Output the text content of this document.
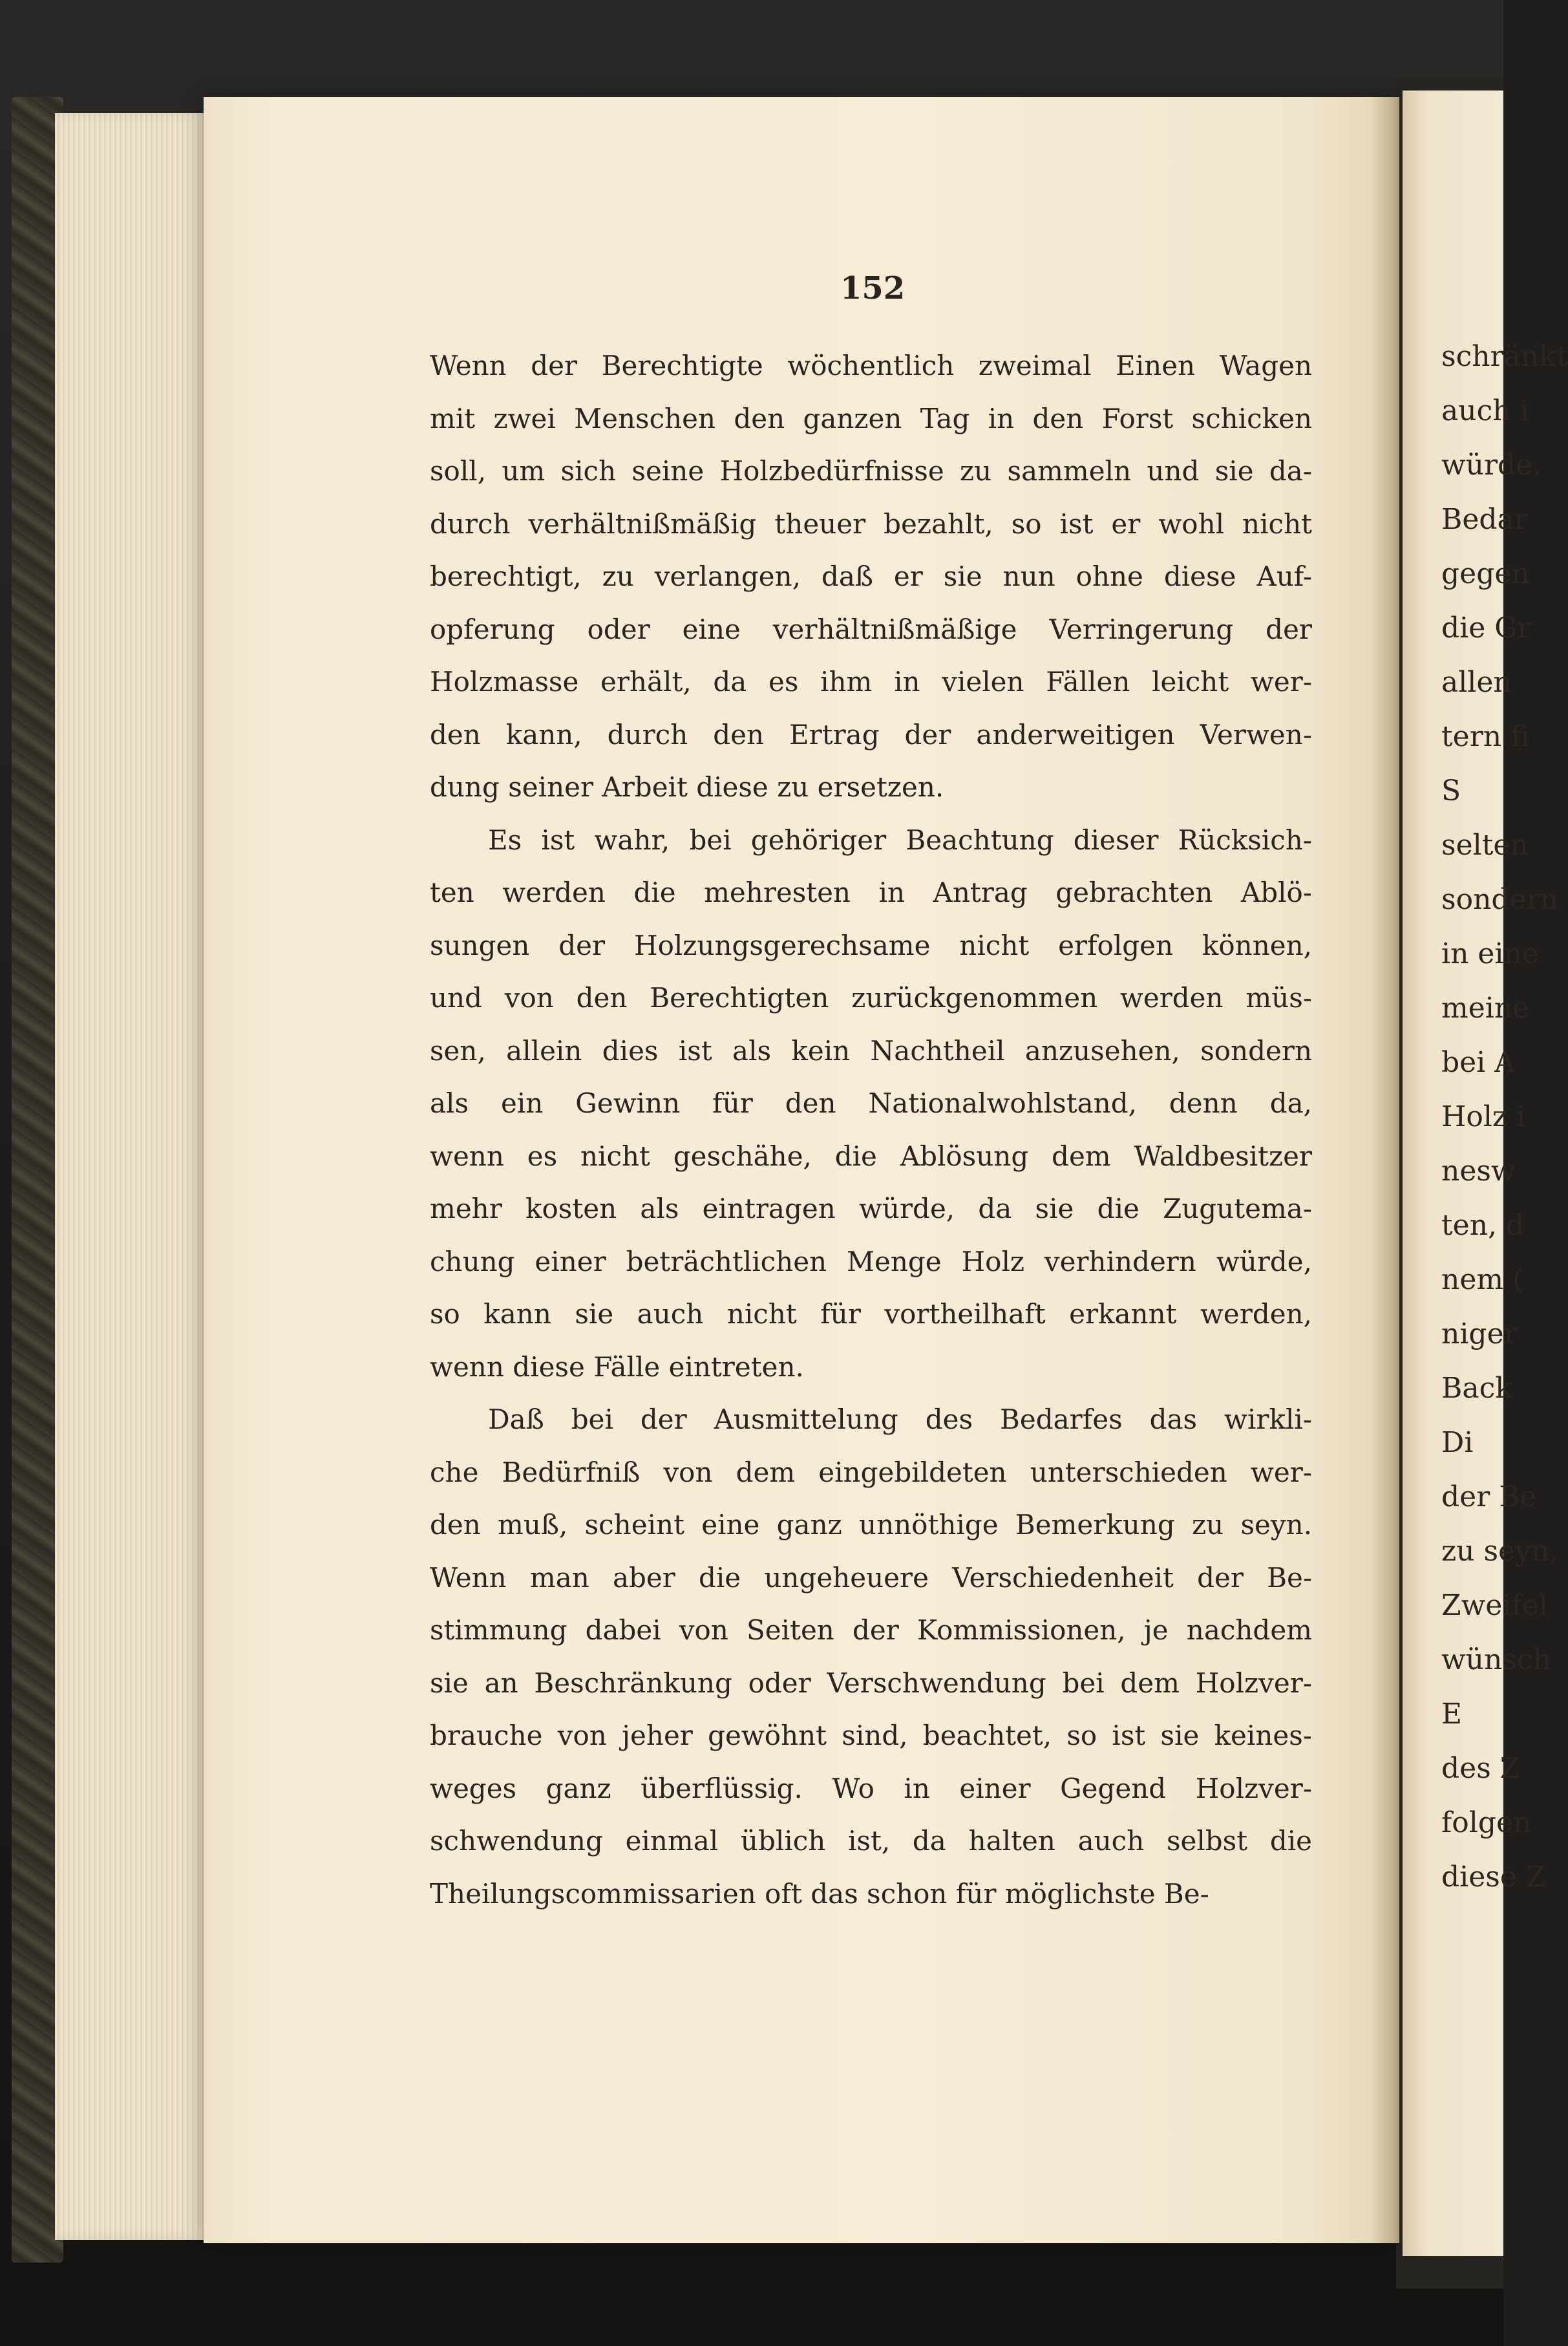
schränkt
auch i
würde.
Bedar
gegen
die Gr
allen
tern fi
S
selten
sondern
in eine
meine
bei A
Holz i
nesw
ten, d
nem (
niger
Back
Di
der Be
zu seyn,
Zweifel
wünsch
E
des Z
folgen
diese Z
152
Wenn der Berechtigte wöchentlich zweimal Einen Wagen
mit zwei Menschen den ganzen Tag in den Forst schicken
soll, um sich seine Holzbedürfnisse zu sammeln und sie da-
durch verhältnißmäßig theuer bezahlt, so ist er wohl nicht
berechtigt, zu verlangen, daß er sie nun ohne diese Auf-
opferung oder eine verhältnißmäßige Verringerung der
Holzmasse erhält, da es ihm in vielen Fällen leicht wer-
den kann, durch den Ertrag der anderweitigen Verwen-
dung seiner Arbeit diese zu ersetzen.
Es ist wahr, bei gehöriger Beachtung dieser Rücksich-
ten werden die mehresten in Antrag gebrachten Ablö-
sungen der Holzungsgerechsame nicht erfolgen können,
und von den Berechtigten zurückgenommen werden müs-
sen, allein dies ist als kein Nachtheil anzusehen, sondern
als ein Gewinn für den Nationalwohlstand, denn da,
wenn es nicht geschähe, die Ablösung dem Waldbesitzer
mehr kosten als eintragen würde, da sie die Zugutema-
chung einer beträchtlichen Menge Holz verhindern würde,
so kann sie auch nicht für vortheilhaft erkannt werden,
wenn diese Fälle eintreten.
Daß bei der Ausmittelung des Bedarfes das wirkli-
che Bedürfniß von dem eingebildeten unterschieden wer-
den muß, scheint eine ganz unnöthige Bemerkung zu seyn.
Wenn man aber die ungeheuere Verschiedenheit der Be-
stimmung dabei von Seiten der Kommissionen, je nachdem
sie an Beschränkung oder Verschwendung bei dem Holzver-
brauche von jeher gewöhnt sind, beachtet, so ist sie keines-
weges ganz überflüssig. Wo in einer Gegend Holzver-
schwendung einmal üblich ist, da halten auch selbst die
Theilungscommissarien oft das schon für möglichste Be-
